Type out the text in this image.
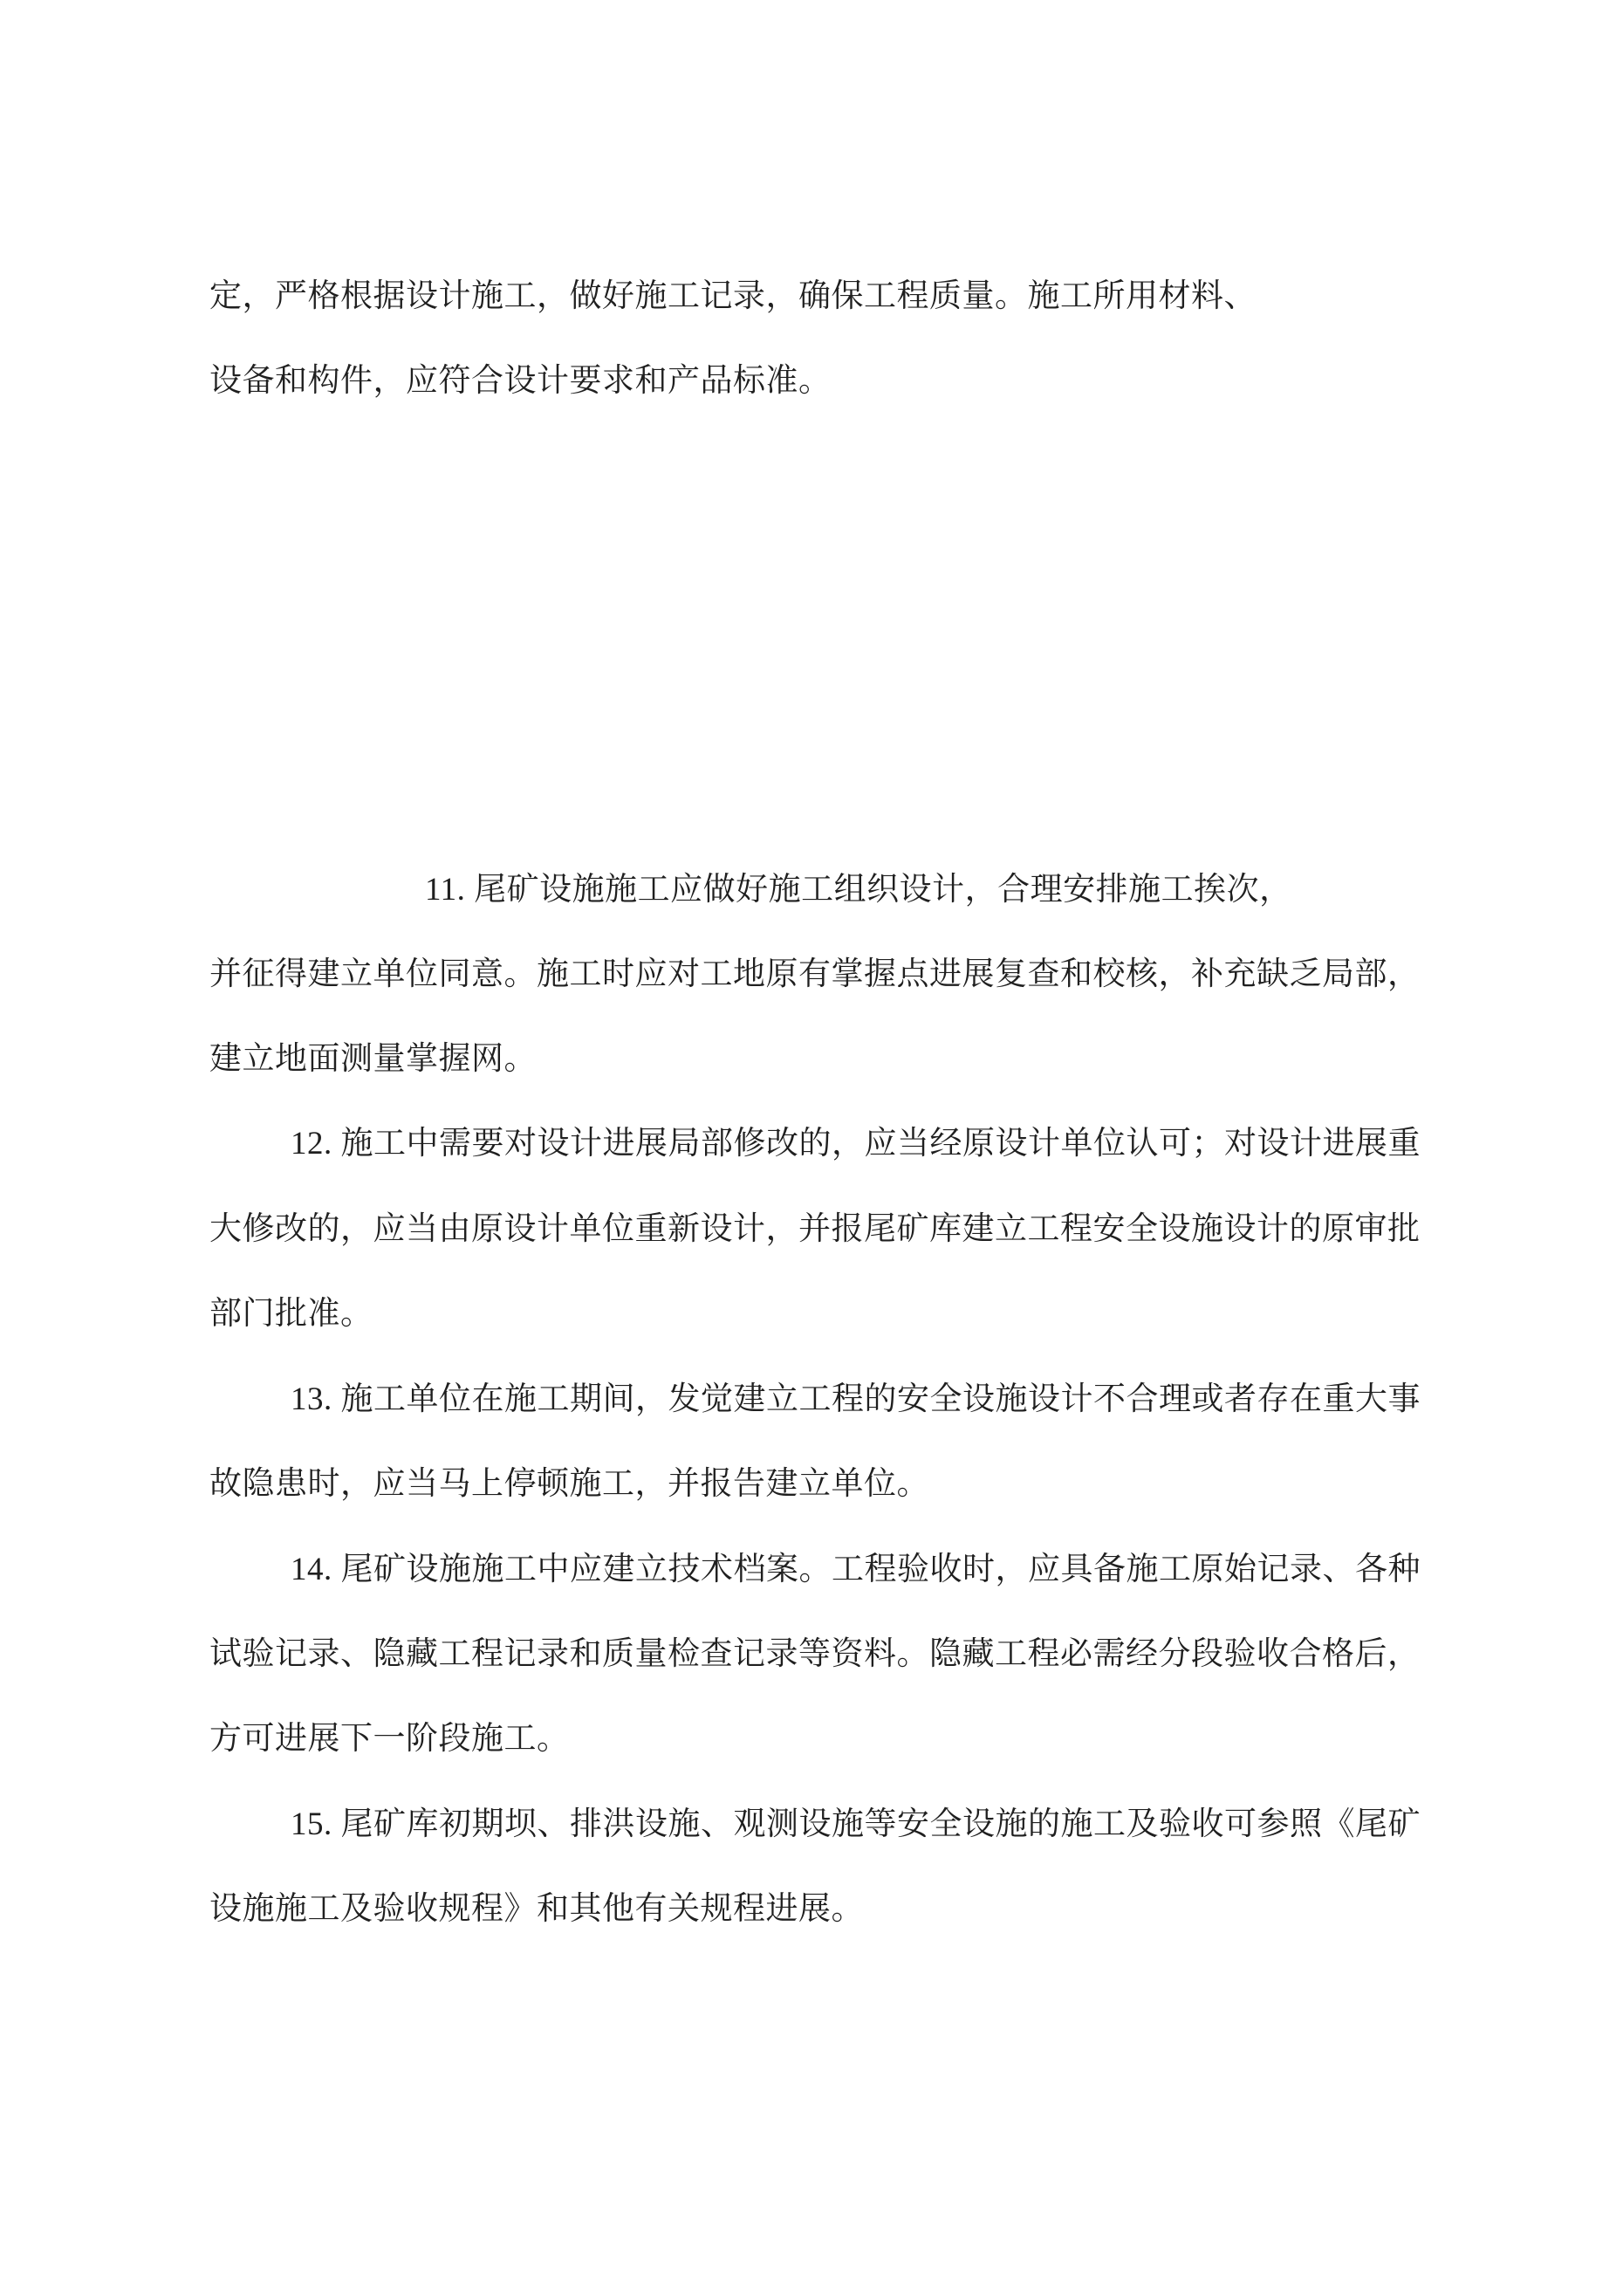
定，严格根据设计施工，做好施工记录，确保工程质量。施工所用材料、
设备和构件，应符合设计要求和产品标准。
11. 尾矿设施施工应做好施工组织设计，合理安排施工挨次，
并征得建立单位同意。施工时应对工地原有掌握点进展复查和校核，补充缺乏局部，
建立地面测量掌握网。
12. 施工中需要对设计进展局部修改的，应当经原设计单位认可；对设计进展重
大修改的，应当由原设计单位重新设计，并报尾矿库建立工程安全设施设计的原审批
部门批准。
13. 施工单位在施工期间，发觉建立工程的安全设施设计不合理或者存在重大事
故隐患时，应当马上停顿施工，并报告建立单位。
14. 尾矿设施施工中应建立技术档案。工程验收时，应具备施工原始记录、各种
试验记录、隐藏工程记录和质量检查记录等资料。隐藏工程必需经分段验收合格后，
方可进展下一阶段施工。
15. 尾矿库初期坝、排洪设施、观测设施等安全设施的施工及验收可参照《尾矿
设施施工及验收规程》和其他有关规程进展。
